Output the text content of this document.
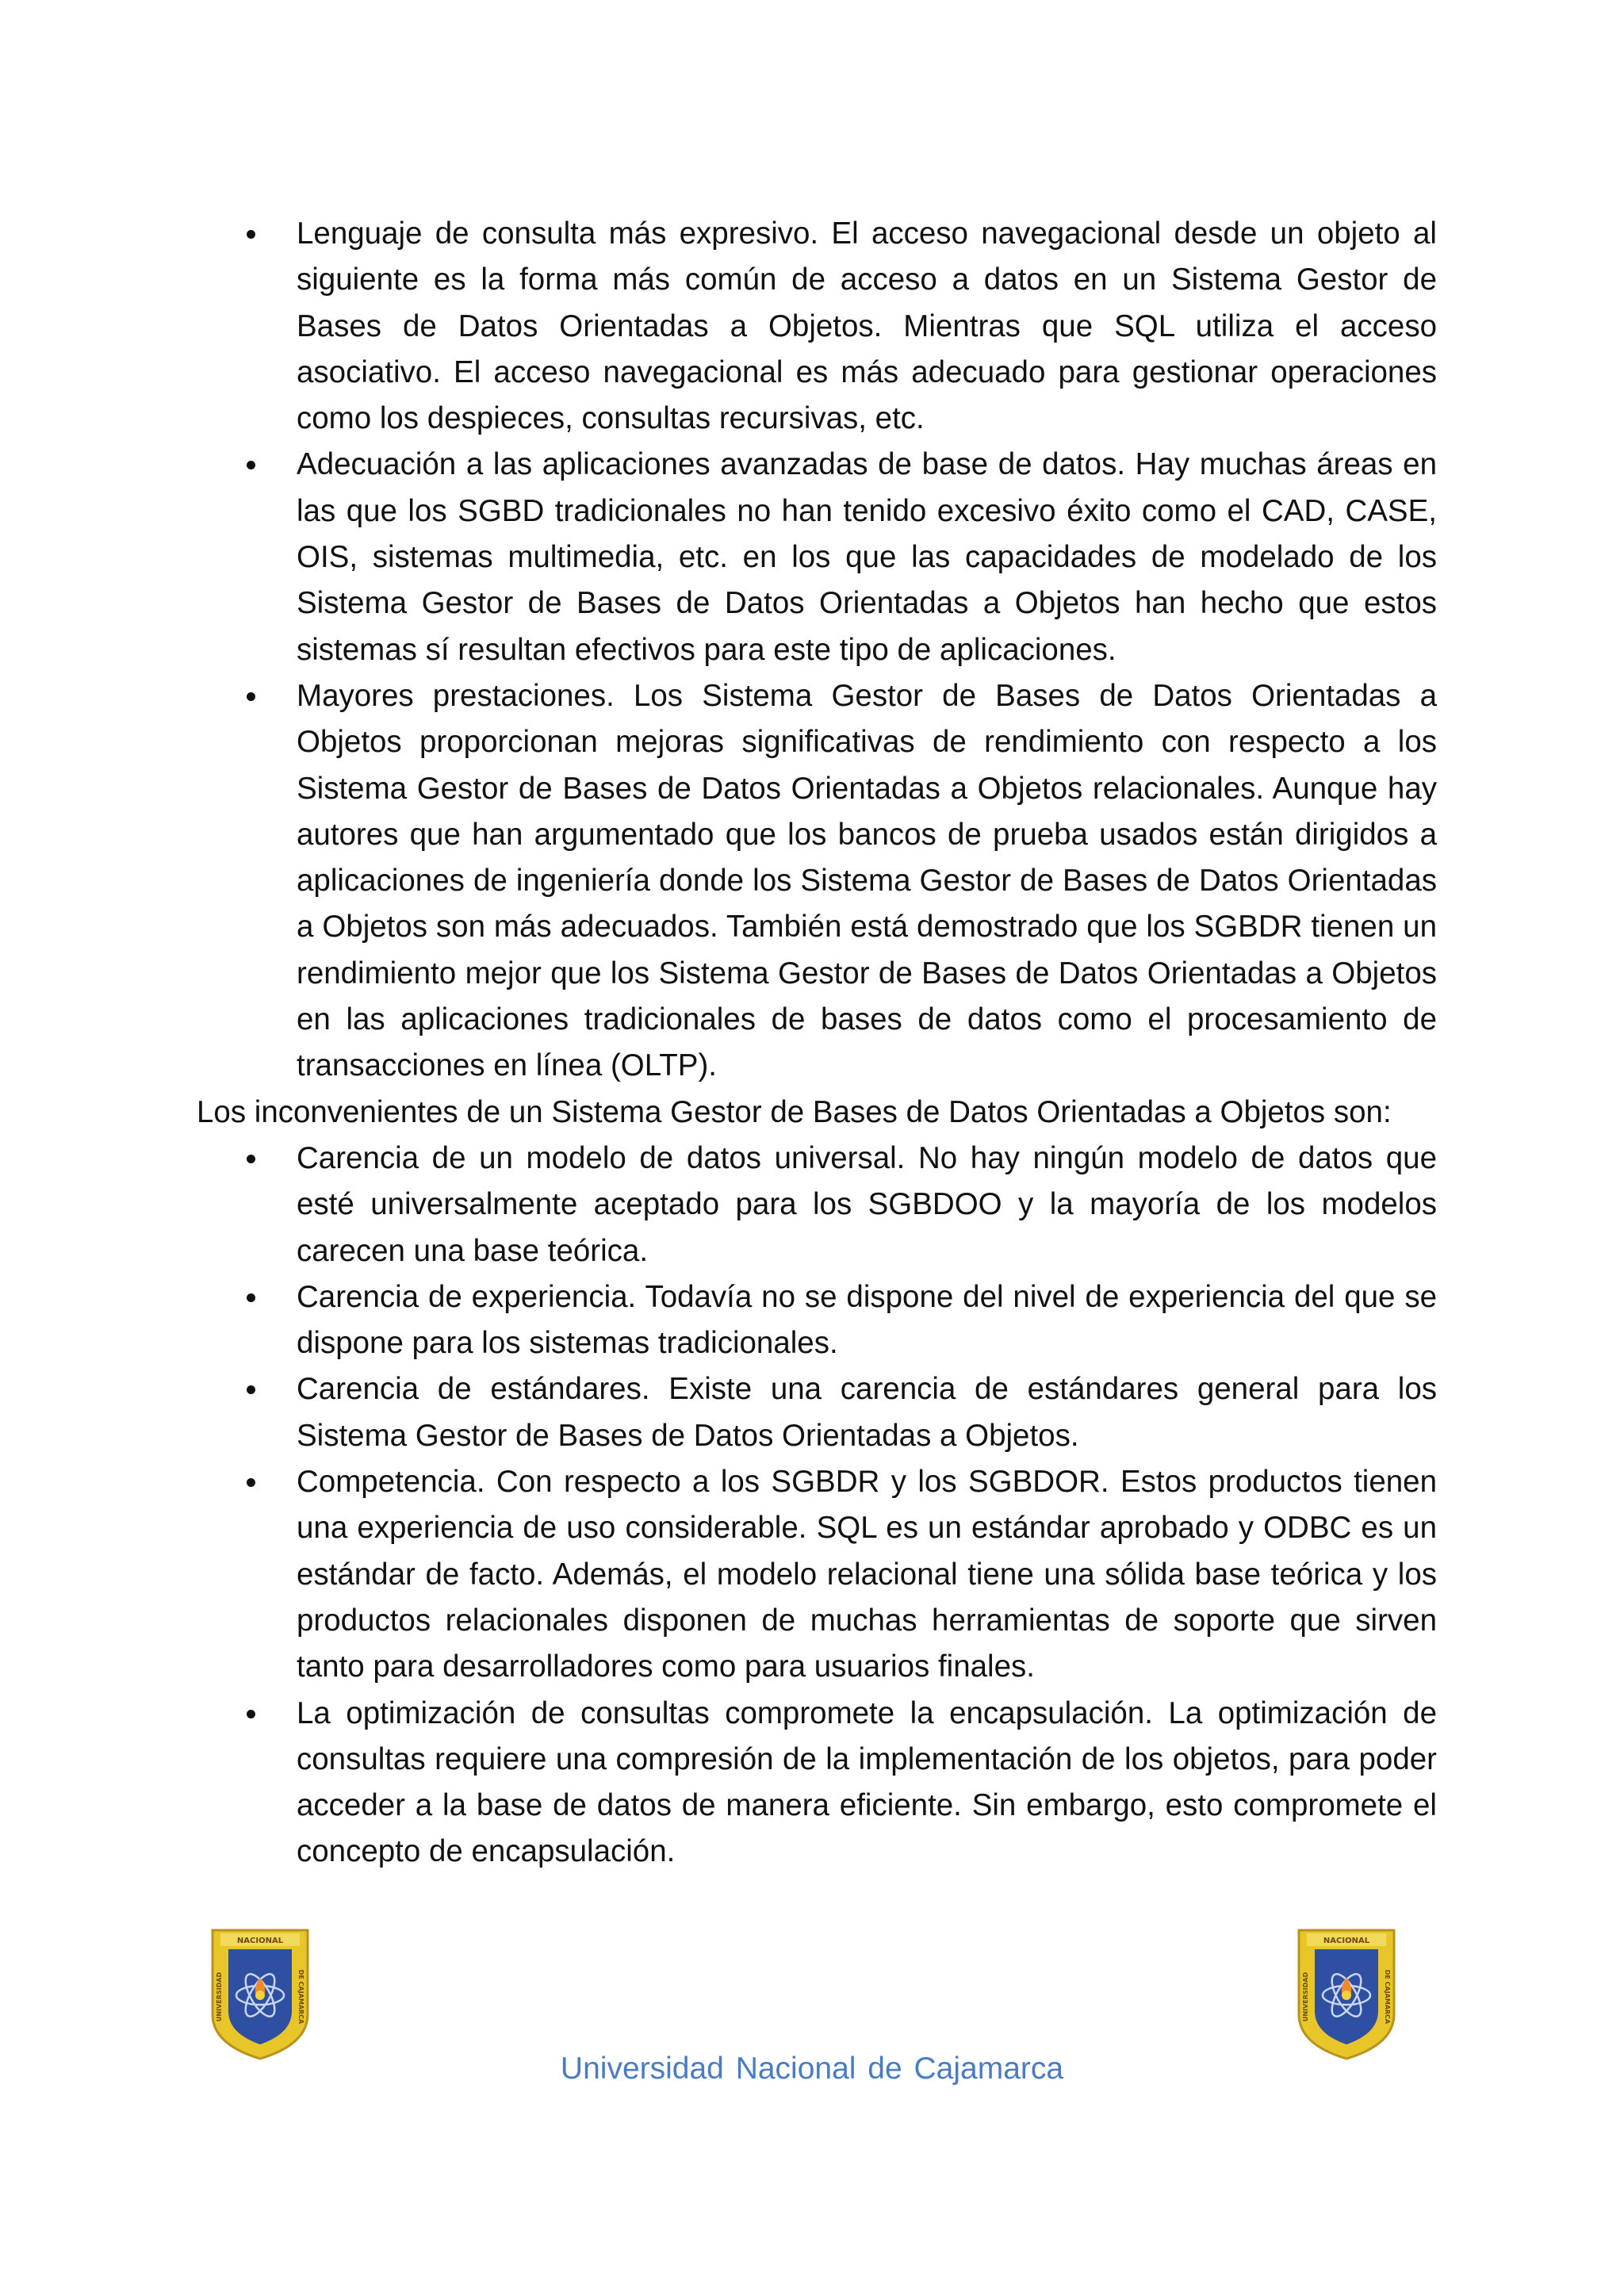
Lenguaje de consulta más expresivo. El acceso navegacional desde un objeto al siguiente es la forma más común de acceso a datos en un Sistema Gestor de Bases de Datos Orientadas a Objetos. Mientras que SQL utiliza el acceso asociativo. El acceso navegacional es más adecuado para gestionar operaciones como los despieces, consultas recursivas, etc.
Adecuación a las aplicaciones avanzadas de base de datos. Hay muchas áreas en las que los SGBD tradicionales no han tenido excesivo éxito como el CAD, CASE, OIS, sistemas multimedia, etc. en los que las capacidades de modelado de los Sistema Gestor de Bases de Datos Orientadas a Objetos han hecho que estos sistemas sí resultan efectivos para este tipo de aplicaciones.
Mayores prestaciones. Los Sistema Gestor de Bases de Datos Orientadas a Objetos proporcionan mejoras significativas de rendimiento con respecto a los Sistema Gestor de Bases de Datos Orientadas a Objetos relacionales. Aunque hay autores que han argumentado que los bancos de prueba usados están dirigidos a aplicaciones de ingeniería donde los Sistema Gestor de Bases de Datos Orientadas a Objetos son más adecuados. También está demostrado que los SGBDR tienen un rendimiento mejor que los Sistema Gestor de Bases de Datos Orientadas a Objetos en las aplicaciones tradicionales de bases de datos como el procesamiento de transacciones en línea (OLTP).

Los inconvenientes de un Sistema Gestor de Bases de Datos Orientadas a Objetos son:

Carencia de un modelo de datos universal. No hay ningún modelo de datos que esté universalmente aceptado para los SGBDOO y la mayoría de los modelos carecen una base teórica.
Carencia de experiencia. Todavía no se dispone del nivel de experiencia del que se dispone para los sistemas tradicionales.
Carencia de estándares. Existe una carencia de estándares general para los Sistema Gestor de Bases de Datos Orientadas a Objetos.
Competencia. Con respecto a los SGBDR y los SGBDOR. Estos productos tienen una experiencia de uso considerable. SQL es un estándar aprobado y ODBC es un estándar de facto. Además, el modelo relacional tiene una sólida base teórica y los productos relacionales disponen de muchas herramientas de soporte que sirven tanto para desarrolladores como para usuarios finales.
La optimización de consultas compromete la encapsulación. La optimización de consultas requiere una compresión de la implementación de los objetos, para poder acceder a la base de datos de manera eficiente. Sin embargo, esto compromete el concepto de encapsulación.
NACIONAL
UNIVERSIDAD	DE CAJAMARCA
NACIONAL
UNIVERSIDAD	DE CAJAMARCA
Universidad Nacional de Cajamarca
